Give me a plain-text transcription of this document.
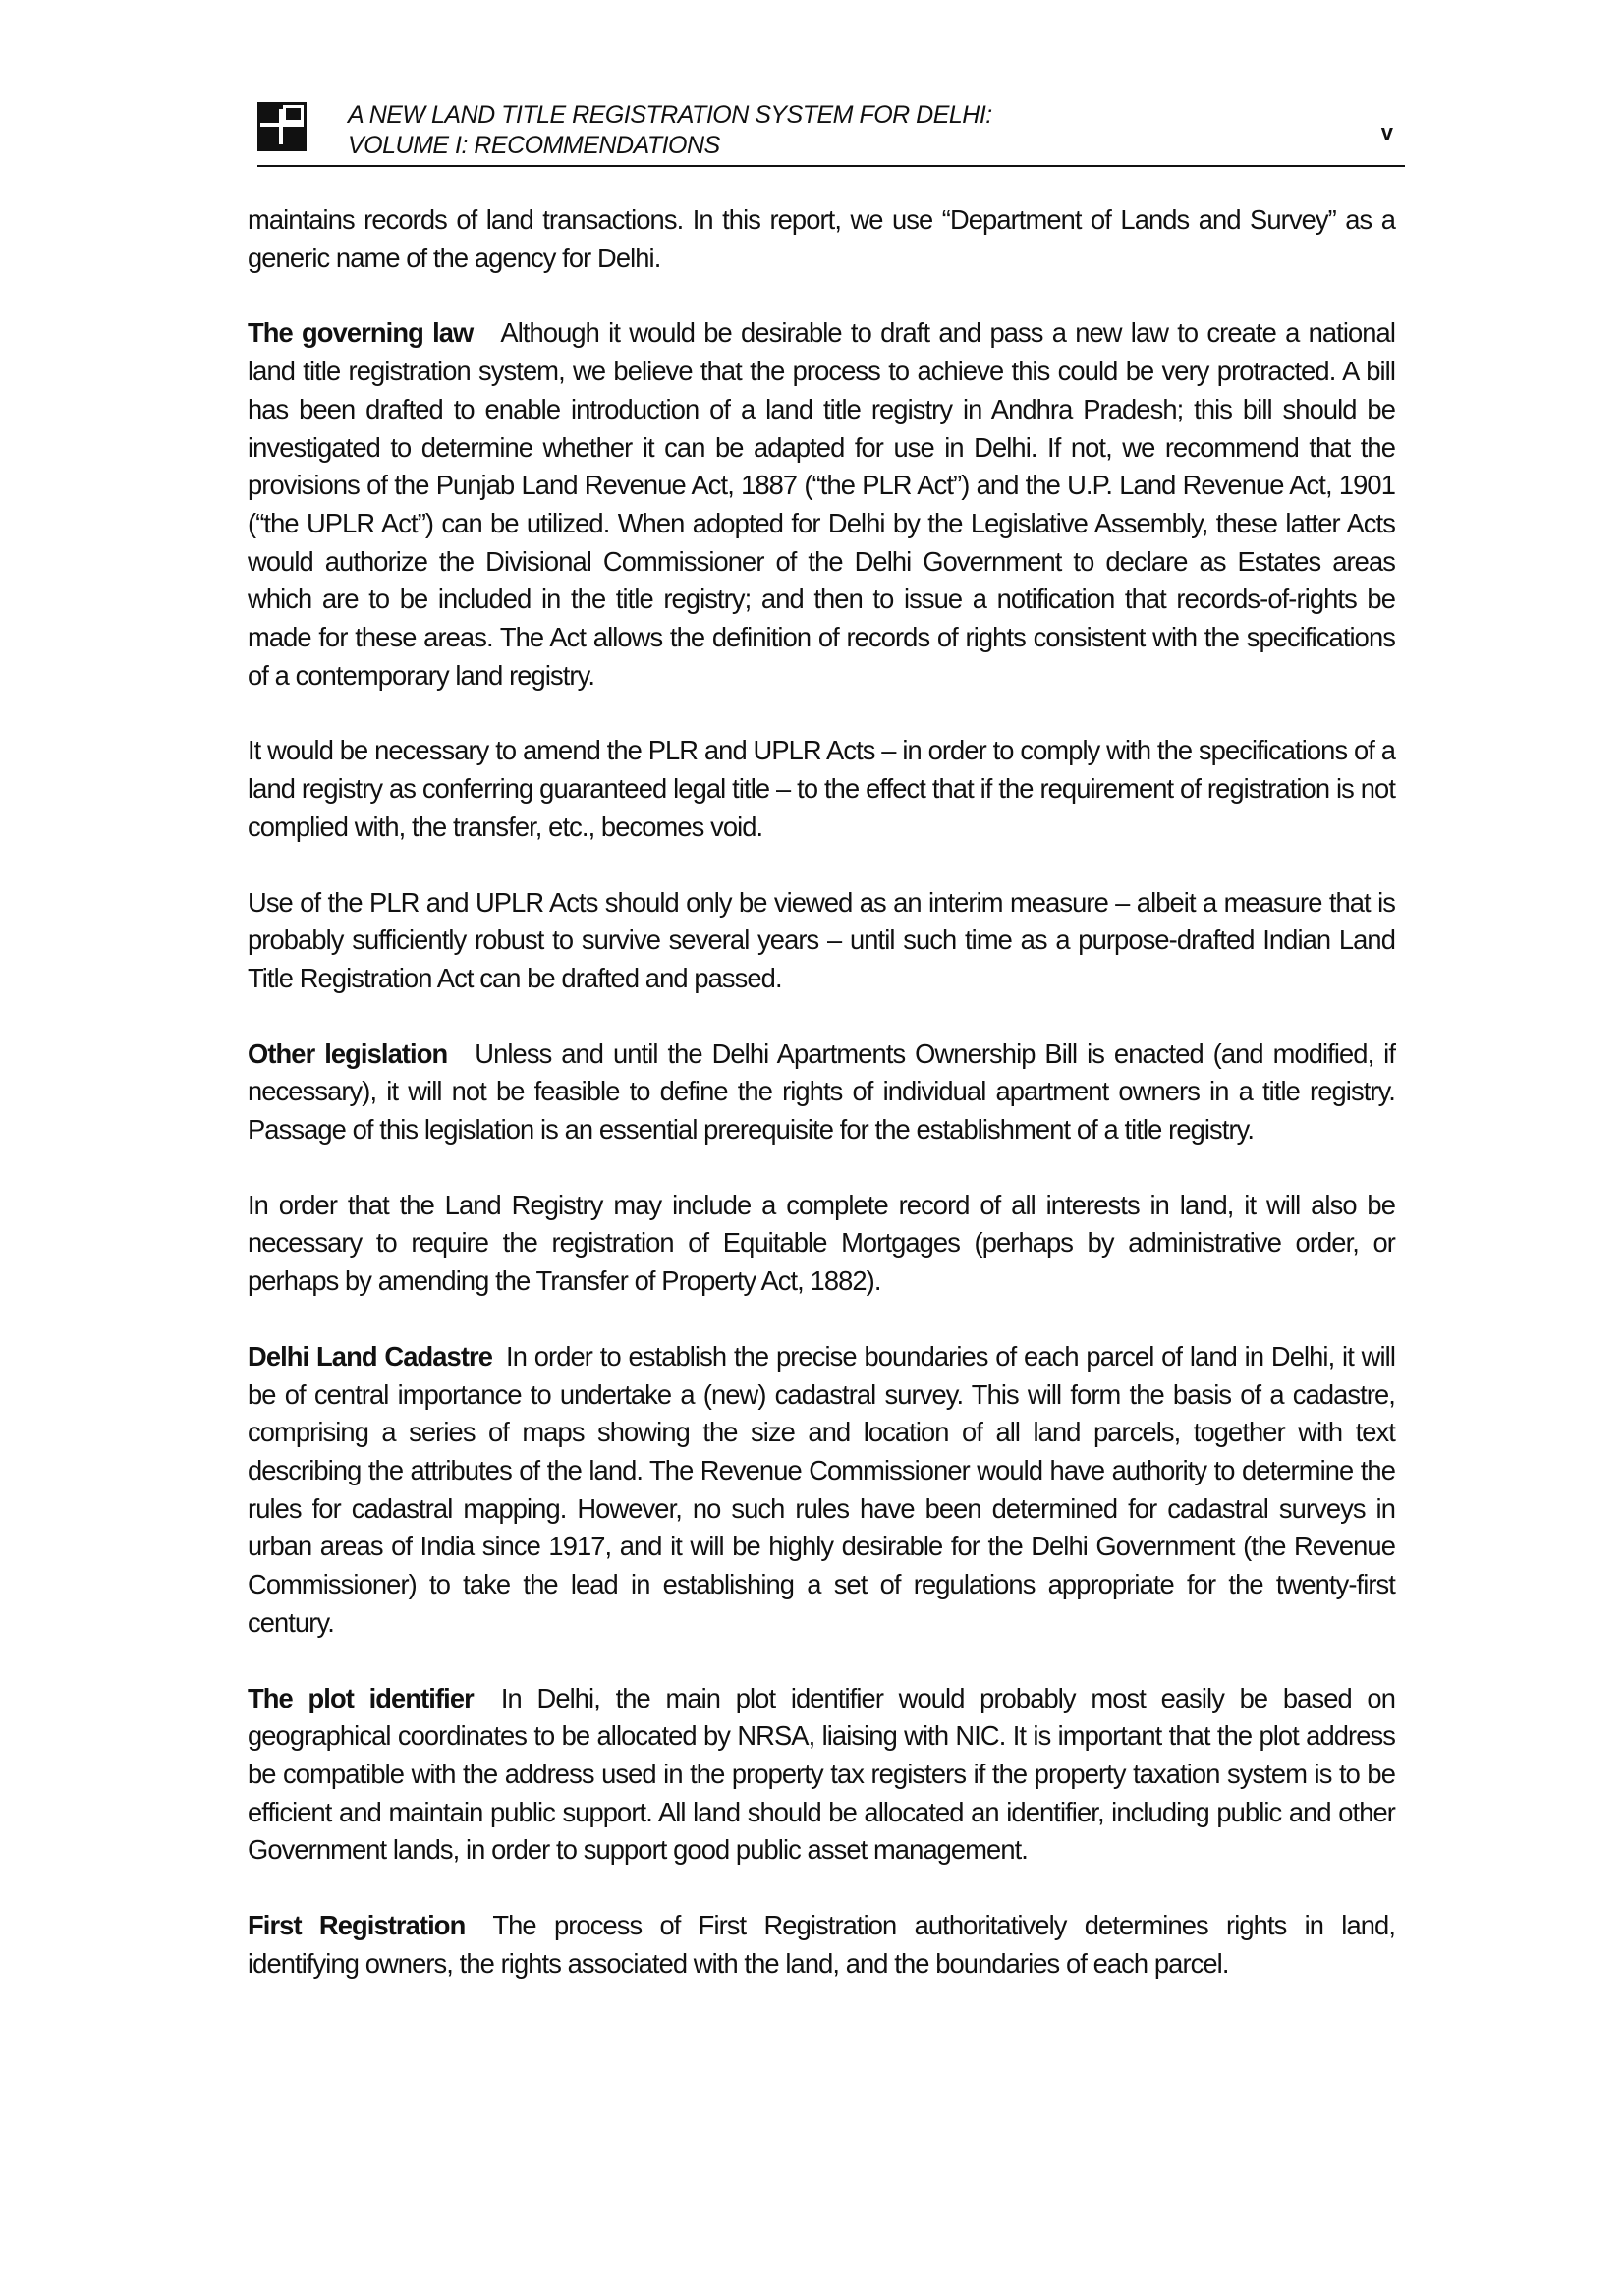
A NEW LAND TITLE REGISTRATION SYSTEM FOR DELHI:
VOLUME I: RECOMMENDATIONS	v

maintains records of land transactions. In this report, we use “Department of Lands and Survey” as a generic name of the agency for Delhi.

The governing law Although it would be desirable to draft and pass a new law to create a national land title registration system, we believe that the process to achieve this could be very protracted. A bill has been drafted to enable introduction of a land title registry in Andhra Pradesh; this bill should be investigated to determine whether it can be adapted for use in Delhi. If not, we recommend that the provisions of the Punjab Land Revenue Act, 1887 (“the PLR Act”) and the U.P. Land Revenue Act, 1901 (“the UPLR Act”) can be utilized. When adopted for Delhi by the Legislative Assembly, these latter Acts would authorize the Divisional Commissioner of the Delhi Government to declare as Estates areas which are to be included in the title registry; and then to issue a notification that records-of-rights be made for these areas. The Act allows the definition of records of rights consistent with the specifications of a contemporary land registry.

It would be necessary to amend the PLR and UPLR Acts – in order to comply with the specifications of a land registry as conferring guaranteed legal title – to the effect that if the requirement of registration is not complied with, the transfer, etc., becomes void.

Use of the PLR and UPLR Acts should only be viewed as an interim measure – albeit a measure that is probably sufficiently robust to survive several years – until such time as a purpose-drafted Indian Land Title Registration Act can be drafted and passed.

Other legislation Unless and until the Delhi Apartments Ownership Bill is enacted (and modified, if necessary), it will not be feasible to define the rights of individual apartment owners in a title registry. Passage of this legislation is an essential prerequisite for the establishment of a title registry.

In order that the Land Registry may include a complete record of all interests in land, it will also be necessary to require the registration of Equitable Mortgages (perhaps by administrative order, or perhaps by amending the Transfer of Property Act, 1882).

Delhi Land Cadastre In order to establish the precise boundaries of each parcel of land in Delhi, it will be of central importance to undertake a (new) cadastral survey. This will form the basis of a cadastre, comprising a series of maps showing the size and location of all land parcels, together with text describing the attributes of the land. The Revenue Commissioner would have authority to determine the rules for cadastral mapping. However, no such rules have been determined for cadastral surveys in urban areas of India since 1917, and it will be highly desirable for the Delhi Government (the Revenue Commissioner) to take the lead in establishing a set of regulations appropriate for the twenty-first century.

The plot identifier In Delhi, the main plot identifier would probably most easily be based on geographical coordinates to be allocated by NRSA, liaising with NIC. It is important that the plot address be compatible with the address used in the property tax registers if the property taxation system is to be efficient and maintain public support. All land should be allocated an identifier, including public and other Government lands, in order to support good public asset management.

First Registration The process of First Registration authoritatively determines rights in land, identifying owners, the rights associated with the land, and the boundaries of each parcel.
